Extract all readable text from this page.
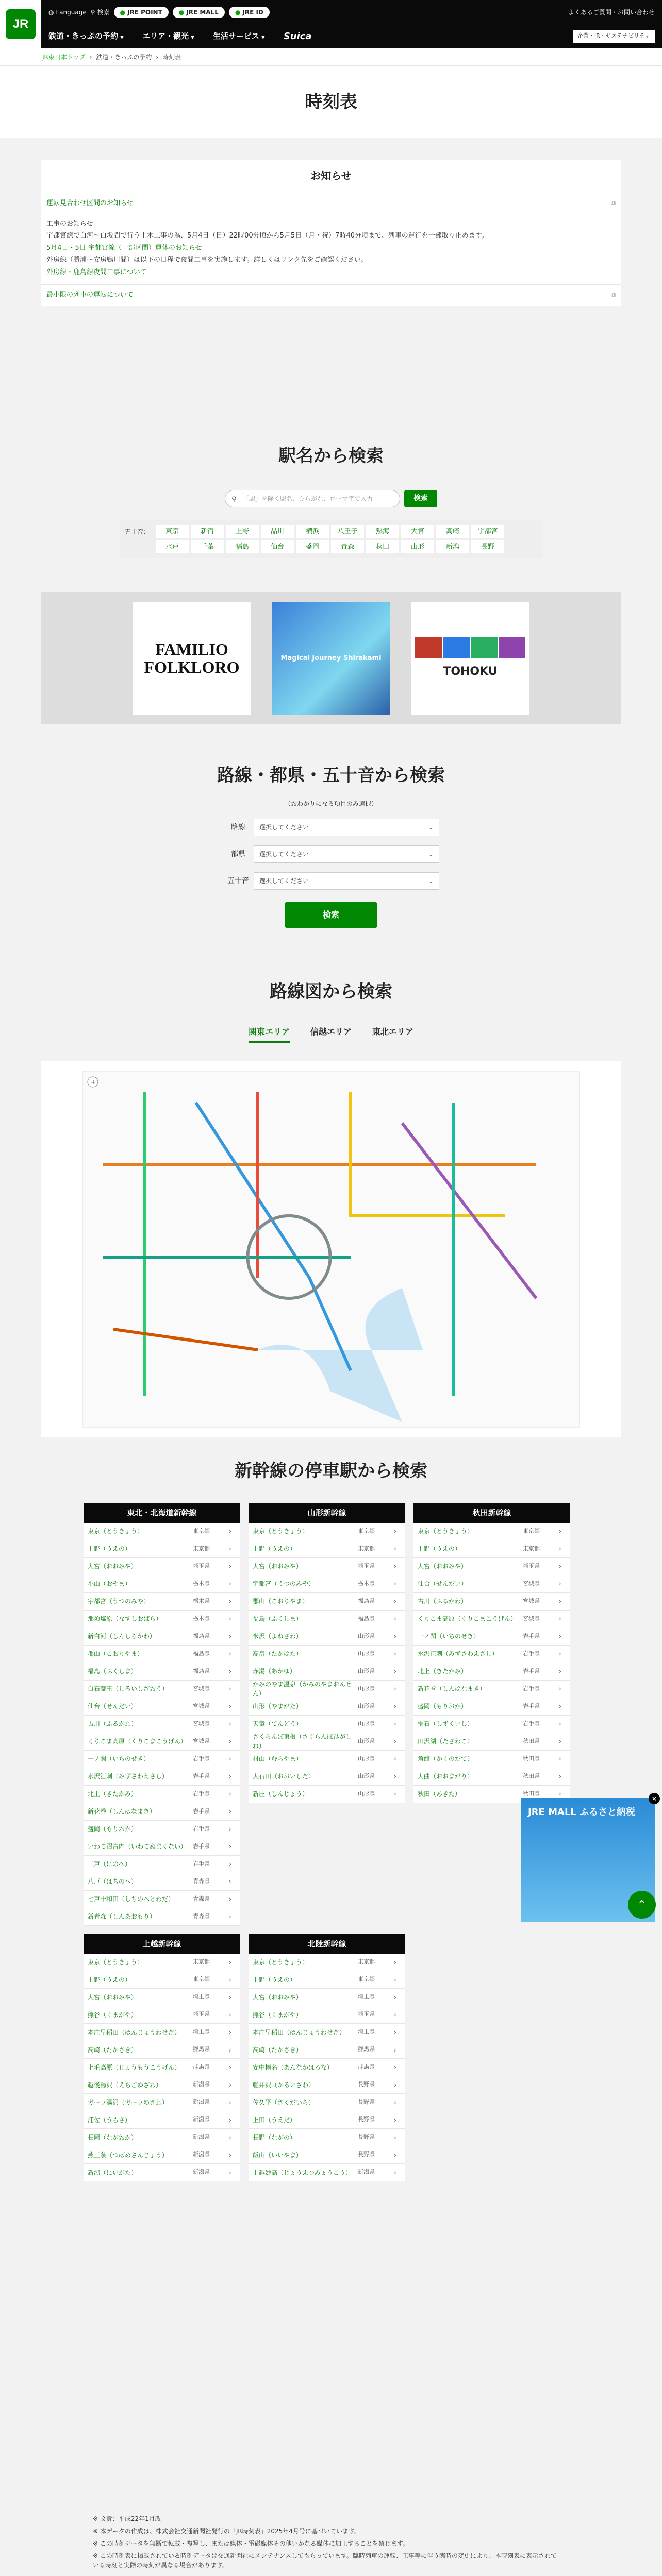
JR
◍ Language ⚲ 検索 ● JRE POINT	● JRE MALL	● JRE ID	よくあるご質問・お問い合わせ
鉄道・きっぷの予約 ▼ エリア・観光 ▼ 生活サービス ▼ Suica	企業・IR・サステナビリティ
JR東日本トップ › 鉄道・きっぷの予約 › 時刻表
時刻表
お知らせ
運転見合わせ区間のお知らせ	⧉

工事のお知らせ

宇都宮線で白河〜白坂間で行う土木工事の為、5月4日（日）22時00分頃から5月5日（月・祝）7時40分頃まで、列車の運行を一部取り止めます。

5月4日・5日 宇都宮線（一部区間）運休のお知らせ

外房線（勝浦〜安房鴨川間）は以下の日程で夜間工事を実施します。詳しくはリンク先をご確認ください。

外房線・鹿島線夜間工事について

最小限の列車の運転について	⧉
駅名から検索
⚲ 「駅」を除く駅名、ひらがな、ローマ字で入力	検索
五十音：	東京	新宿	上野	品川	横浜	八王子	熱海	大宮	高崎	宇都宮
水戸	千葉	福島	仙台	盛岡	青森	秋田	山形	新潟	長野
FAMILIO FOLKLORO	Magical Journey Shirakami
TOHOKU
路線・都県・五十音から検索
（おわかりになる項目のみ選択）
路線	選択してください	⌄
都県	選択してください	⌄
五十音	選択してください	⌄
検索
路線図から検索
関東エリア	信越エリア	東北エリア
+
新幹線の停車駅から検索
東北・北海道新幹線
東京（とうきょう）	東京都	›
上野（うえの）	東京都	›
大宮（おおみや）	埼玉県	›
小山（おやま）	栃木県	›
宇都宮（うつのみや）	栃木県	›
那須塩原（なすしおばら）	栃木県	›
新白河（しんしらかわ）	福島県	›
郡山（こおりやま）	福島県	›
福島（ふくしま）	福島県	›
白石蔵王（しろいしざおう）	宮城県	›
仙台（せんだい）	宮城県	›
古川（ふるかわ）	宮城県	›
くりこま高原（くりこまこうげん）	宮城県	›
一ノ関（いちのせき）	岩手県	›
水沢江刺（みずさわえさし）	岩手県	›
北上（きたかみ）	岩手県	›
新花巻（しんはなまき）	岩手県	›
盛岡（もりおか）	岩手県	›
いわて沼宮内（いわてぬまくない）	岩手県	›
二戸（にのへ）	岩手県	›
八戸（はちのへ）	青森県	›
七戸十和田（しちのへとわだ）	青森県	›
新青森（しんあおもり）	青森県	›
山形新幹線
東京（とうきょう）	東京都	›
上野（うえの）	東京都	›
大宮（おおみや）	埼玉県	›
宇都宮（うつのみや）	栃木県	›
郡山（こおりやま）	福島県	›
福島（ふくしま）	福島県	›
米沢（よねざわ）	山形県	›
高畠（たかはた）	山形県	›
赤湯（あかゆ）	山形県	›
かみのやま温泉（かみのやまおんせん）
山形県	›
山形（やまがた）	山形県	›
天童（てんどう）	山形県	›
さくらんぼ東根（さくらんぼひがしね）
山形県	›
村山（むらやま）	山形県	›
大石田（おおいしだ）	山形県	›
新庄（しんじょう）	山形県	›
秋田新幹線
東京（とうきょう）	東京都	›
上野（うえの）	東京都	›
大宮（おおみや）	埼玉県	›
仙台（せんだい）	宮城県	›
古川（ふるかわ）	宮城県	›
くりこま高原（くりこまこうげん）	宮城県	›
一ノ関（いちのせき）	岩手県	›
水沢江刺（みずさわえさし）	岩手県	›
北上（きたかみ）	岩手県	›
新花巻（しんはなまき）	岩手県	›
盛岡（もりおか）	岩手県	›
雫石（しずくいし）	岩手県	›
田沢湖（たざわこ）	秋田県	›
角館（かくのだて）	秋田県	›
大曲（おおまがり）	秋田県	›
秋田（あきた）	秋田県	›
上越新幹線
東京（とうきょう）	東京都	›
上野（うえの）	東京都	›
大宮（おおみや）	埼玉県	›
熊谷（くまがや）	埼玉県	›
本庄早稲田（ほんじょうわせだ）	埼玉県	›
高崎（たかさき）	群馬県	›
上毛高原（じょうもうこうげん）	群馬県	›
越後湯沢（えちごゆざわ）	新潟県	›
ガーラ湯沢（ガーラゆざわ）	新潟県	›
浦佐（うらさ）	新潟県	›
長岡（ながおか）	新潟県	›
燕三条（つばめさんじょう）	新潟県	›
新潟（にいがた）	新潟県	›
北陸新幹線
東京（とうきょう）	東京都	›
上野（うえの）	東京都	›
大宮（おおみや）	埼玉県	›
熊谷（くまがや）	埼玉県	›
本庄早稲田（ほんじょうわせだ）	埼玉県	›
高崎（たかさき）	群馬県	›
安中榛名（あんなかはるな）	群馬県	›
軽井沢（かるいざわ）	長野県	›
佐久平（さくだいら）	長野県	›
上田（うえだ）	長野県	›
長野（ながの）	長野県	›
飯山（いいやま）	長野県	›
上越妙高（じょうえつみょうこう）	新潟県	›
×
JRE MALL ふるさと納税
⌃
※ 文責：平成22年1月改
※ 本データの作成は、株式会社交通新聞社発行の「JR時刻表」2025年4月号に基づいています。
※ この時刻データを無断で転載・複写し、または媒体・電磁媒体その他いかなる媒体に加工することを禁じます。
※ この時刻表に掲載されている時刻データは交通新聞社にメンテナンスしてもらっています。臨時列車の運転、工事等に伴う臨時の変更により、本時刻表に表示されている時刻と実際の時刻が異なる場合があります。
